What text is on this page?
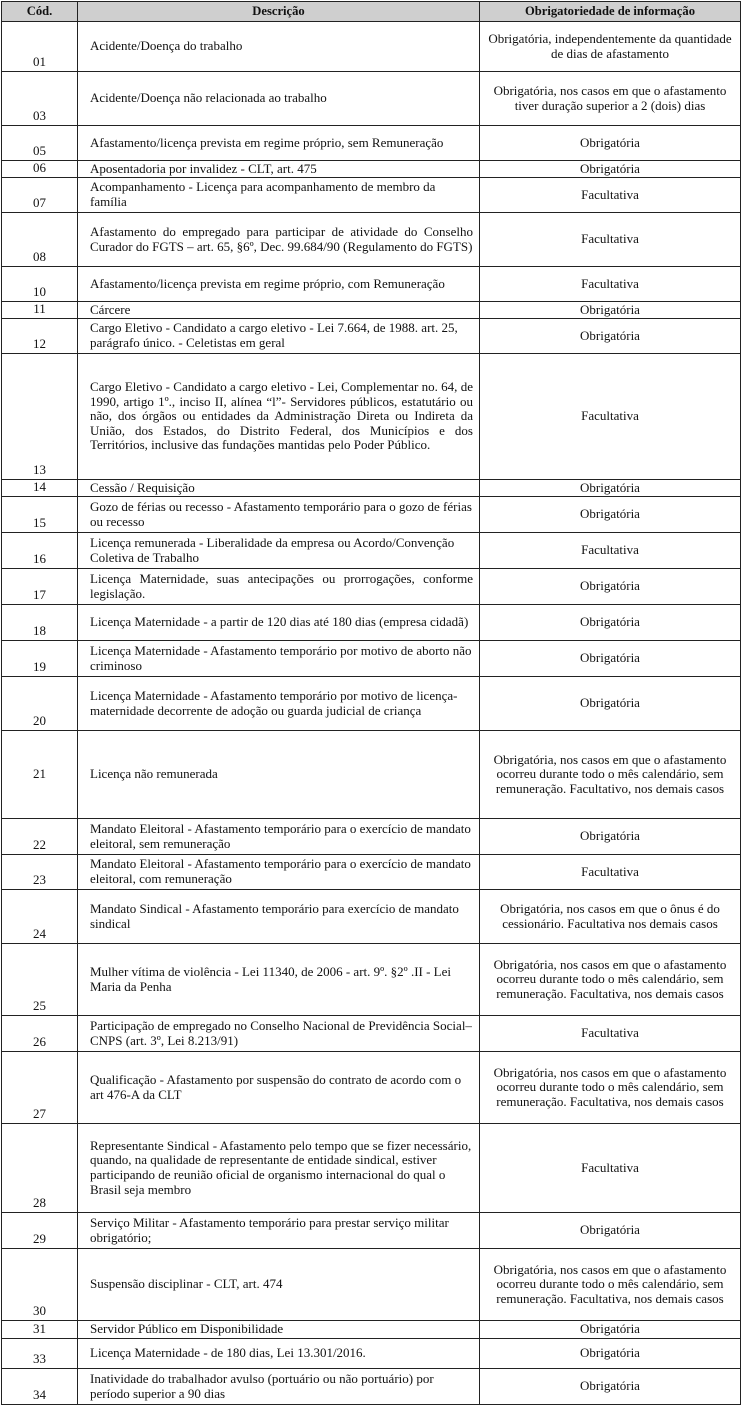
Cód.	Descrição	Obrigatoriedade de informação
01	Acidente/Doença do trabalho	Obrigatória, independentemente da quantidade de dias de afastamento
03	Acidente/Doença não relacionada ao trabalho	Obrigatória, nos casos em que o afastamento tiver duração superior a 2 (dois) dias
05	Afastamento/licença prevista em regime próprio, sem Remuneração	Obrigatória
06	Aposentadoria por invalidez - CLT, art. 475	Obrigatória
07	Acompanhamento - Licença para acompanhamento de membro da família	Facultativa
08	Afastamento do empregado para participar de atividade do Conselho Curador do FGTS – art. 65, §6º, Dec. 99.684/90 (Regulamento do FGTS)	Facultativa
10	Afastamento/licença prevista em regime próprio, com Remuneração	Facultativa
11	Cárcere	Obrigatória
12	Cargo Eletivo - Candidato a cargo eletivo - Lei 7.664, de 1988. art. 25, parágrafo único. - Celetistas em geral	Obrigatória
13	Cargo Eletivo - Candidato a cargo eletivo - Lei, Complementar no. 64, de 1990, artigo 1º., inciso II, alínea “l”- Servidores públicos, estatutário ou não, dos órgãos ou entidades da Administração Direta ou Indireta da União, dos Estados, do Distrito Federal, dos Municípios e dos Territórios, inclusive das fundações mantidas pelo Poder Público.	Facultativa
14	Cessão / Requisição	Obrigatória
15	Gozo de férias ou recesso - Afastamento temporário para o gozo de férias ou recesso	Obrigatória
16	Licença remunerada - Liberalidade da empresa ou Acordo/Convenção Coletiva de Trabalho	Facultativa
17	Licença Maternidade, suas antecipações ou prorrogações, conforme legislação.	Obrigatória
18	Licença Maternidade - a partir de 120 dias até 180 dias (empresa cidadã)	Obrigatória
19	Licença Maternidade - Afastamento temporário por motivo de aborto não criminoso	Obrigatória
20	Licença Maternidade - Afastamento temporário por motivo de licença-maternidade decorrente de adoção ou guarda judicial de criança	Obrigatória
21	Licença não remunerada	Obrigatória, nos casos em que o afastamento ocorreu durante todo o mês calendário, sem remuneração. Facultativo, nos demais casos
22	Mandato Eleitoral - Afastamento temporário para o exercício de mandato eleitoral, sem remuneração	Obrigatória
23	Mandato Eleitoral - Afastamento temporário para o exercício de mandato eleitoral, com remuneração	Facultativa
24	Mandato Sindical - Afastamento temporário para exercício de mandato sindical	Obrigatória, nos casos em que o ônus é do cessionário. Facultativa nos demais casos
25	Mulher vítima de violência - Lei 11340, de 2006 - art. 9º. §2º .II - Lei Maria da Penha	Obrigatória, nos casos em que o afastamento ocorreu durante todo o mês calendário, sem remuneração. Facultativa, nos demais casos
26	Participação de empregado no Conselho Nacional de Previdência Social–CNPS (art. 3º, Lei 8.213/91)	Facultativa
27	Qualificação - Afastamento por suspensão do contrato de acordo com o art 476-A da CLT	Obrigatória, nos casos em que o afastamento ocorreu durante todo o mês calendário, sem remuneração. Facultativa, nos demais casos
28	Representante Sindical - Afastamento pelo tempo que se fizer necessário, quando, na qualidade de representante de entidade sindical, estiver participando de reunião oficial de organismo internacional do qual o Brasil seja membro	Facultativa
29	Serviço Militar - Afastamento temporário para prestar serviço militar obrigatório;	Obrigatória
30	Suspensão disciplinar - CLT, art. 474	Obrigatória, nos casos em que o afastamento ocorreu durante todo o mês calendário, sem remuneração. Facultativa, nos demais casos
31	Servidor Público em Disponibilidade	Obrigatória
33	Licença Maternidade - de 180 dias, Lei 13.301/2016.	Obrigatória
34	Inatividade do trabalhador avulso (portuário ou não portuário) por período superior a 90 dias	Obrigatória
